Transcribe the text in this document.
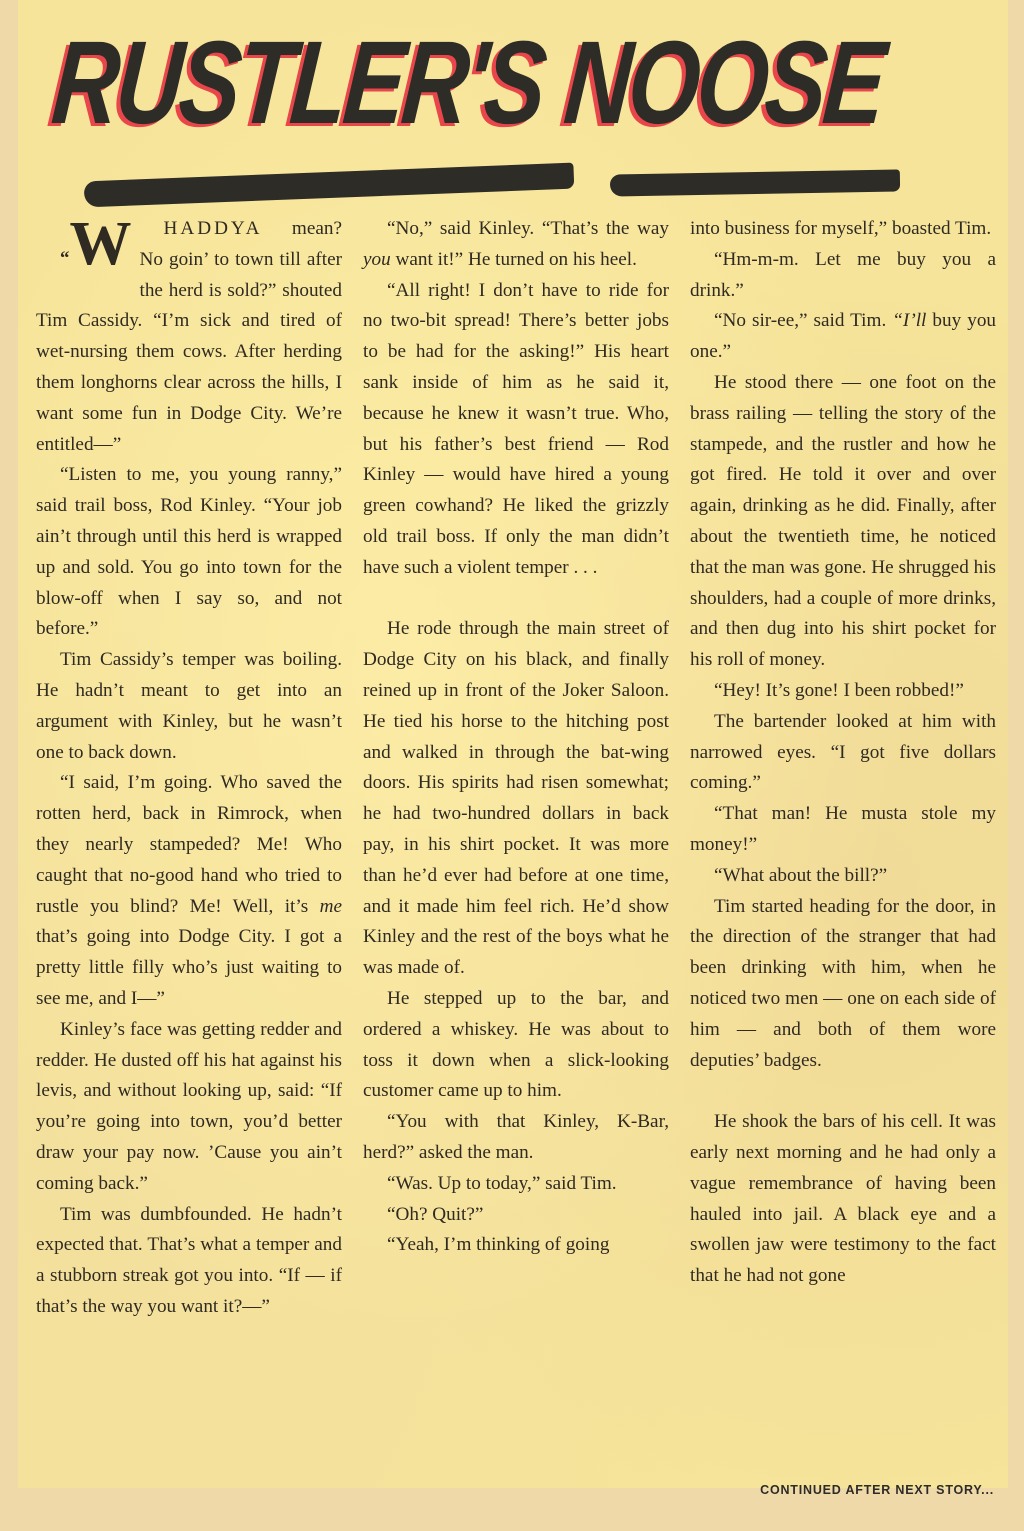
RUSTLER'S NOOSE

“W HADDYA mean? No goin’ to town till after the herd is sold?” shouted Tim Cassidy. “I’m sick and tired of wet-nursing them cows. After herding them longhorns clear across the hills, I want some fun in Dodge City. We’re entitled—”

“Listen to me, you young ranny,” said trail boss, Rod Kinley. “Your job ain’t through until this herd is wrapped up and sold. You go into town for the blow-off when I say so, and not before.”

Tim Cassidy’s temper was boiling. He hadn’t meant to get into an argument with Kinley, but he wasn’t one to back down.

“I said, I’m going. Who saved the rotten herd, back in Rimrock, when they nearly stampeded? Me! Who caught that no-good hand who tried to rustle you blind? Me! Well, it’s me that’s going into Dodge City. I got a pretty little filly who’s just waiting to see me, and I—”

Kinley’s face was getting redder and redder. He dusted off his hat against his levis, and without looking up, said: “If you’re going into town, you’d better draw your pay now. ’Cause you ain’t coming back.”

Tim was dumbfounded. He hadn’t expected that. That’s what a temper and a stubborn streak got you into. “If — if that’s the way you want it?—”

“No,” said Kinley. “That’s the way you want it!” He turned on his heel.

“All right! I don’t have to ride for no two-bit spread! There’s better jobs to be had for the asking!” His heart sank inside of him as he said it, because he knew it wasn’t true. Who, but his father’s best friend — Rod Kinley — would have hired a young green cowhand? He liked the grizzly old trail boss. If only the man didn’t have such a violent temper . . .

He rode through the main street of Dodge City on his black, and finally reined up in front of the Joker Saloon. He tied his horse to the hitching post and walked in through the bat-wing doors. His spirits had risen somewhat; he had two-hundred dollars in back pay, in his shirt pocket. It was more than he’d ever had before at one time, and it made him feel rich. He’d show Kinley and the rest of the boys what he was made of.

He stepped up to the bar, and ordered a whiskey. He was about to toss it down when a slick-looking customer came up to him.

“You with that Kinley, K-Bar, herd?” asked the man.

“Was. Up to today,” said Tim.

“Oh? Quit?”

“Yeah, I’m thinking of going

into business for myself,” boasted Tim.

“Hm-m-m. Let me buy you a drink.”

“No sir-ee,” said Tim. “I’ll buy you one.”

He stood there — one foot on the brass railing — telling the story of the stampede, and the rustler and how he got fired. He told it over and over again, drinking as he did. Finally, after about the twentieth time, he noticed that the man was gone. He shrugged his shoulders, had a couple of more drinks, and then dug into his shirt pocket for his roll of money.

“Hey! It’s gone! I been robbed!”

The bartender looked at him with narrowed eyes. “I got five dollars coming.”

“That man! He musta stole my money!”

“What about the bill?”

Tim started heading for the door, in the direction of the stranger that had been drinking with him, when he noticed two men — one on each side of him — and both of them wore deputies’ badges.

He shook the bars of his cell. It was early next morning and he had only a vague remembrance of having been hauled into jail. A black eye and a swollen jaw were testimony to the fact that he had not gone

CONTINUED AFTER NEXT STORY...
